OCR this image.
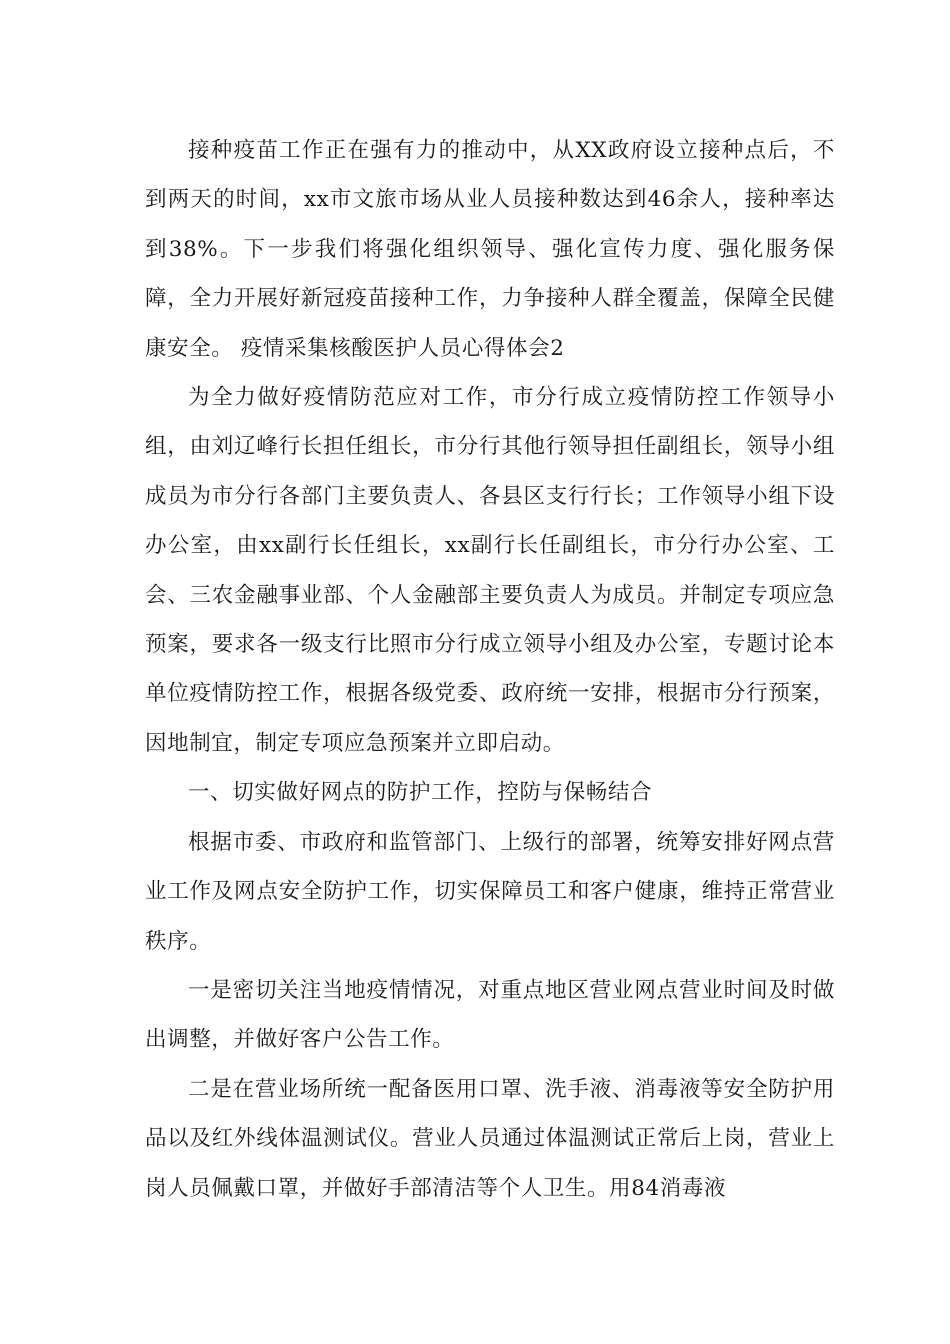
接种疫苗工作正在强有力的推动中，从XX政府设立接种点后，不到两天的时间，xx市文旅市场从业人员接种数达到46余人，接种率达到38%。下一步我们将强化组织领导、强化宣传力度、强化服务保障，全力开展好新冠疫苗接种工作，力争接种人群全覆盖，保障全民健康安全。 疫情采集核酸医护人员心得体会2

为全力做好疫情防范应对工作，市分行成立疫情防控工作领导小组，由刘辽峰行长担任组长，市分行其他行领导担任副组长，领导小组成员为市分行各部门主要负责人、各县区支行行长；工作领导小组下设办公室，由xx副行长任组长，xx副行长任副组长，市分行办公室、工会、三农金融事业部、个人金融部主要负责人为成员。并制定专项应急预案，要求各一级支行比照市分行成立领导小组及办公室，专题讨论本单位疫情防控工作，根据各级党委、政府统一安排，根据市分行预案，因地制宜，制定专项应急预案并立即启动。

一、切实做好网点的防护工作，控防与保畅结合

根据市委、市政府和监管部门、上级行的部署，统筹安排好网点营业工作及网点安全防护工作，切实保障员工和客户健康，维持正常营业秩序。

一是密切关注当地疫情情况，对重点地区营业网点营业时间及时做出调整，并做好客户公告工作。

二是在营业场所统一配备医用口罩、洗手液、消毒液等安全防护用品以及红外线体温测试仪。营业人员通过体温测试正常后上岗，营业上岗人员佩戴口罩，并做好手部清洁等个人卫生。用84消毒液
